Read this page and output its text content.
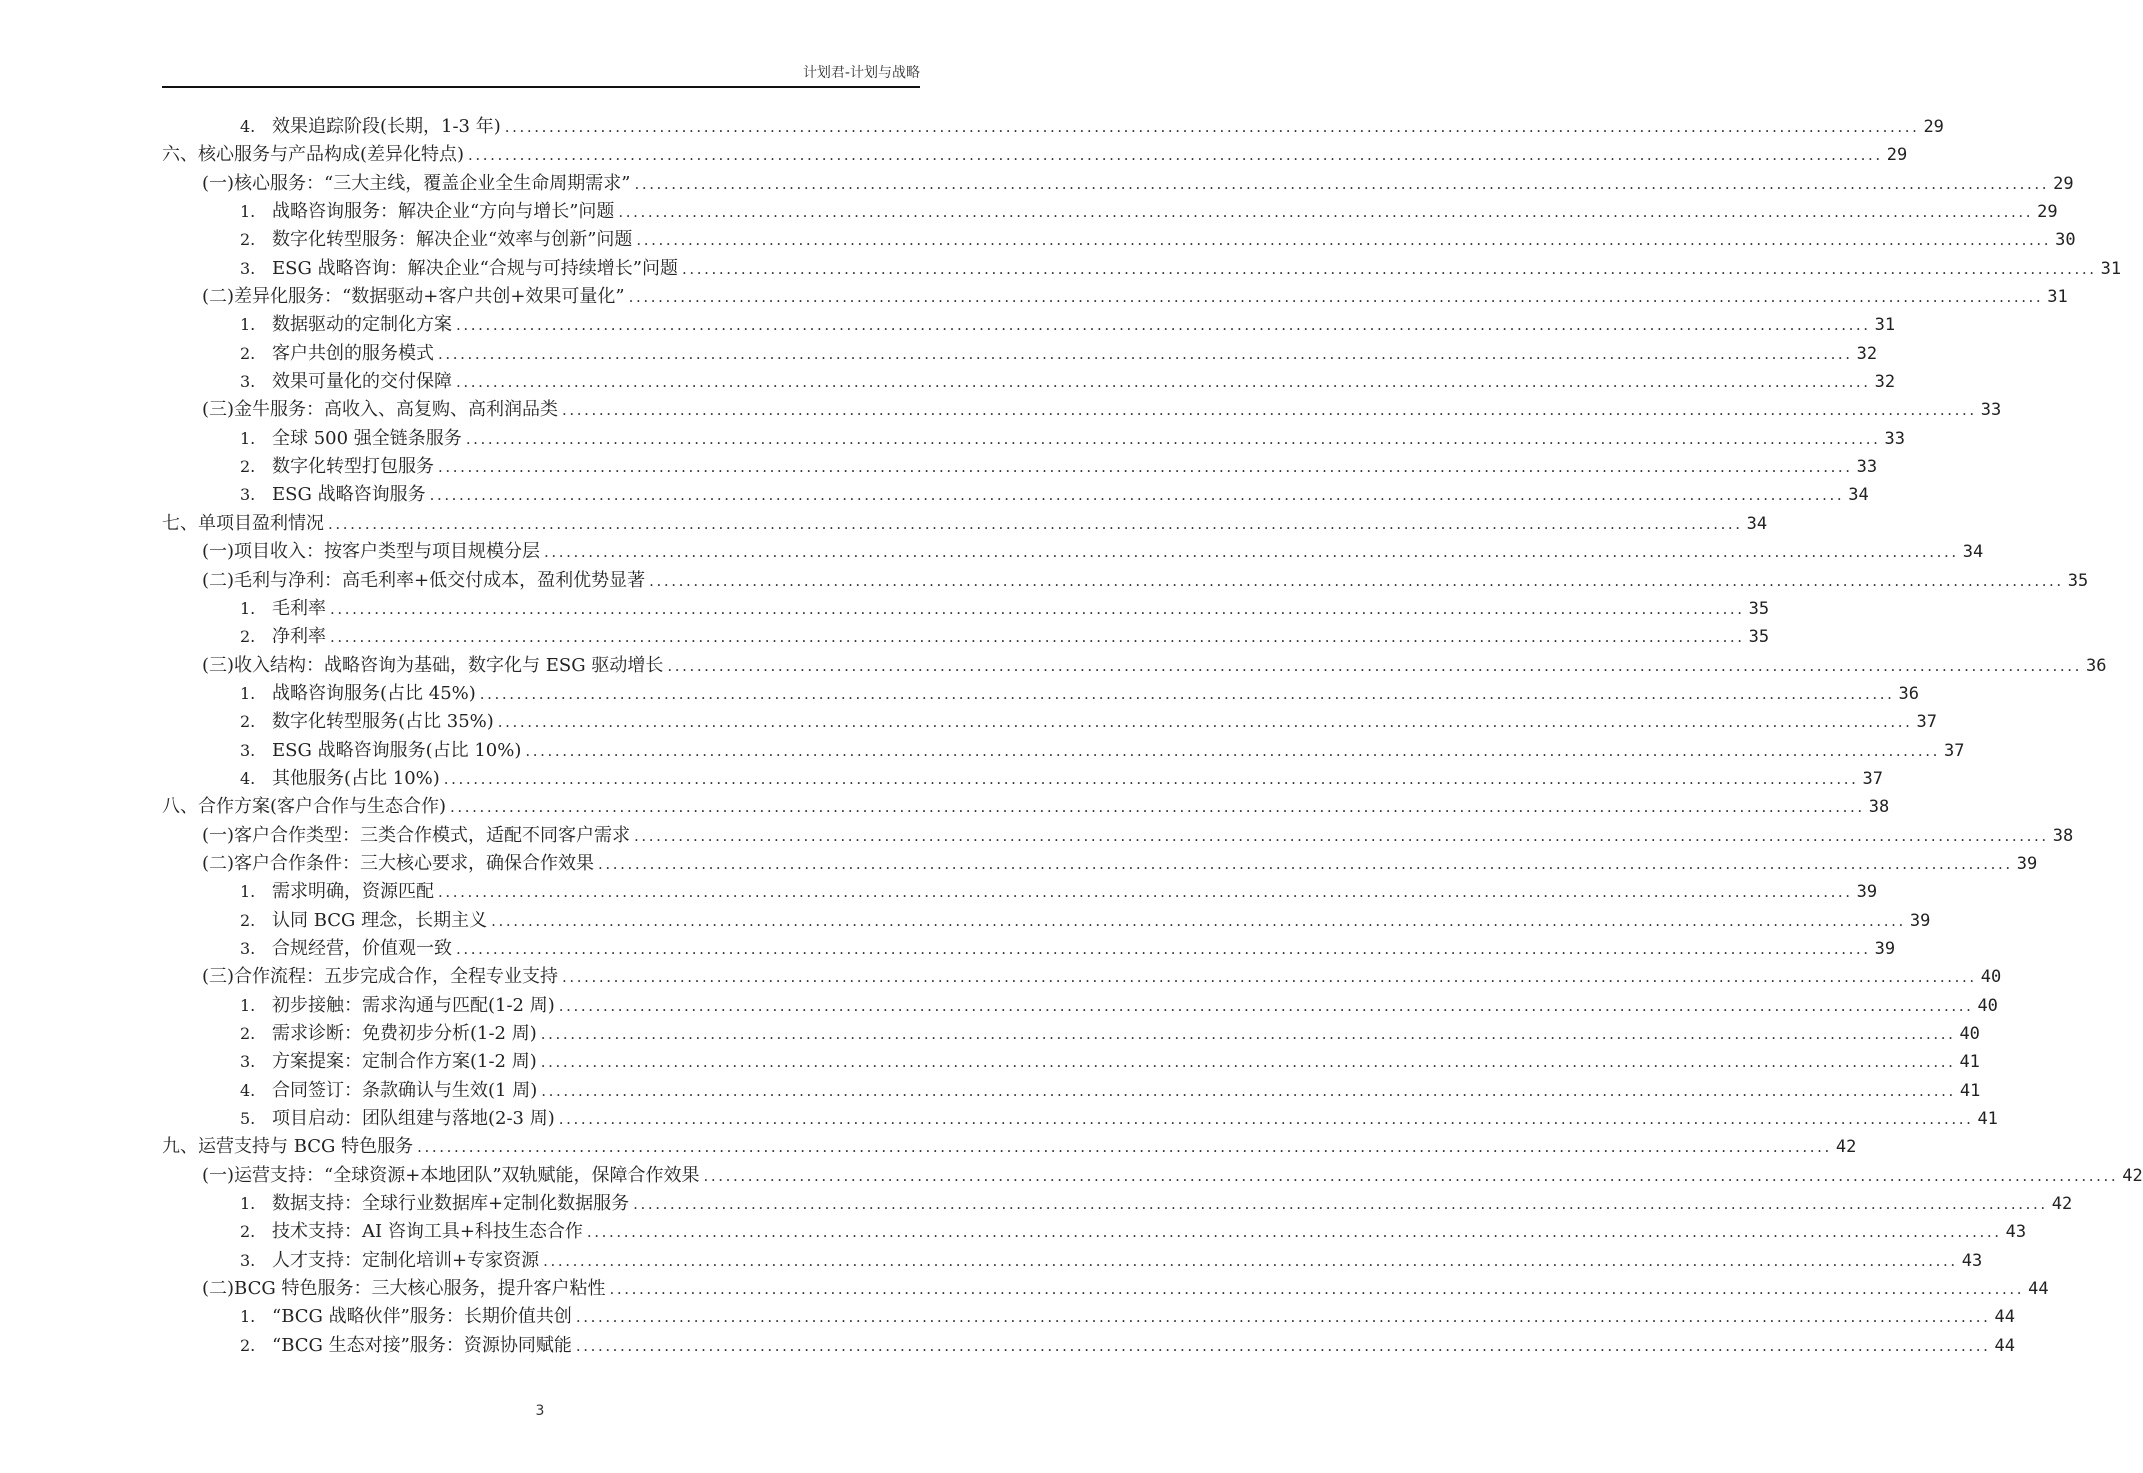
计划君-计划与战略
4. 效果追踪阶段(长期，1-3 年) .....	29
六、核心服务与产品构成(差异化特点) .....	29
(一)核心服务：“三大主线，覆盖企业全生命周期需求” .....	29
1. 战略咨询服务：解决企业“方向与增长”问题 .....	29
2. 数字化转型服务：解决企业“效率与创新”问题 .....	30
3. ESG 战略咨询：解决企业“合规与可持续增长”问题 .....	31
(二)差异化服务：“数据驱动+客户共创+效果可量化” .....	31
1. 数据驱动的定制化方案 .....	31
2. 客户共创的服务模式 .....	32
3. 效果可量化的交付保障 .....	32
(三)金牛服务：高收入、高复购、高利润品类 .....	33
1. 全球 500 强全链条服务 .....	33
2. 数字化转型打包服务 .....	33
3. ESG 战略咨询服务 .....	34
七、单项目盈利情况 .....	34
(一)项目收入：按客户类型与项目规模分层 .....	34
(二)毛利与净利：高毛利率+低交付成本，盈利优势显著 .....	35
1. 毛利率 .....	35
2. 净利率 .....	35
(三)收入结构：战略咨询为基础，数字化与 ESG 驱动增长 .....	36
1. 战略咨询服务(占比 45%) .....	36
2. 数字化转型服务(占比 35%) .....	37
3. ESG 战略咨询服务(占比 10%) .....	37
4. 其他服务(占比 10%) .....	37
八、合作方案(客户合作与生态合作) .....	38
(一)客户合作类型：三类合作模式，适配不同客户需求 .....	38
(二)客户合作条件：三大核心要求，确保合作效果 .....	39
1. 需求明确，资源匹配 .....	39
2. 认同 BCG 理念，长期主义 .....	39
3. 合规经营，价值观一致 .....	39
(三)合作流程：五步完成合作，全程专业支持 .....	40
1. 初步接触：需求沟通与匹配(1-2 周) .....	40
2. 需求诊断：免费初步分析(1-2 周) .....	40
3. 方案提案：定制合作方案(1-2 周) .....	41
4. 合同签订：条款确认与生效(1 周) .....	41
5. 项目启动：团队组建与落地(2-3 周) .....	41
九、运营支持与 BCG 特色服务 .....	42
(一)运营支持：“全球资源+本地团队”双轨赋能，保障合作效果 .....	42
1. 数据支持：全球行业数据库+定制化数据服务 .....	42
2. 技术支持：AI 咨询工具+科技生态合作 .....	43
3. 人才支持：定制化培训+专家资源 .....	43
(二)BCG 特色服务：三大核心服务，提升客户粘性 .....	44
1. “BCG 战略伙伴”服务：长期价值共创 .....	44
2. “BCG 生态对接”服务：资源协同赋能 .....	44
3
